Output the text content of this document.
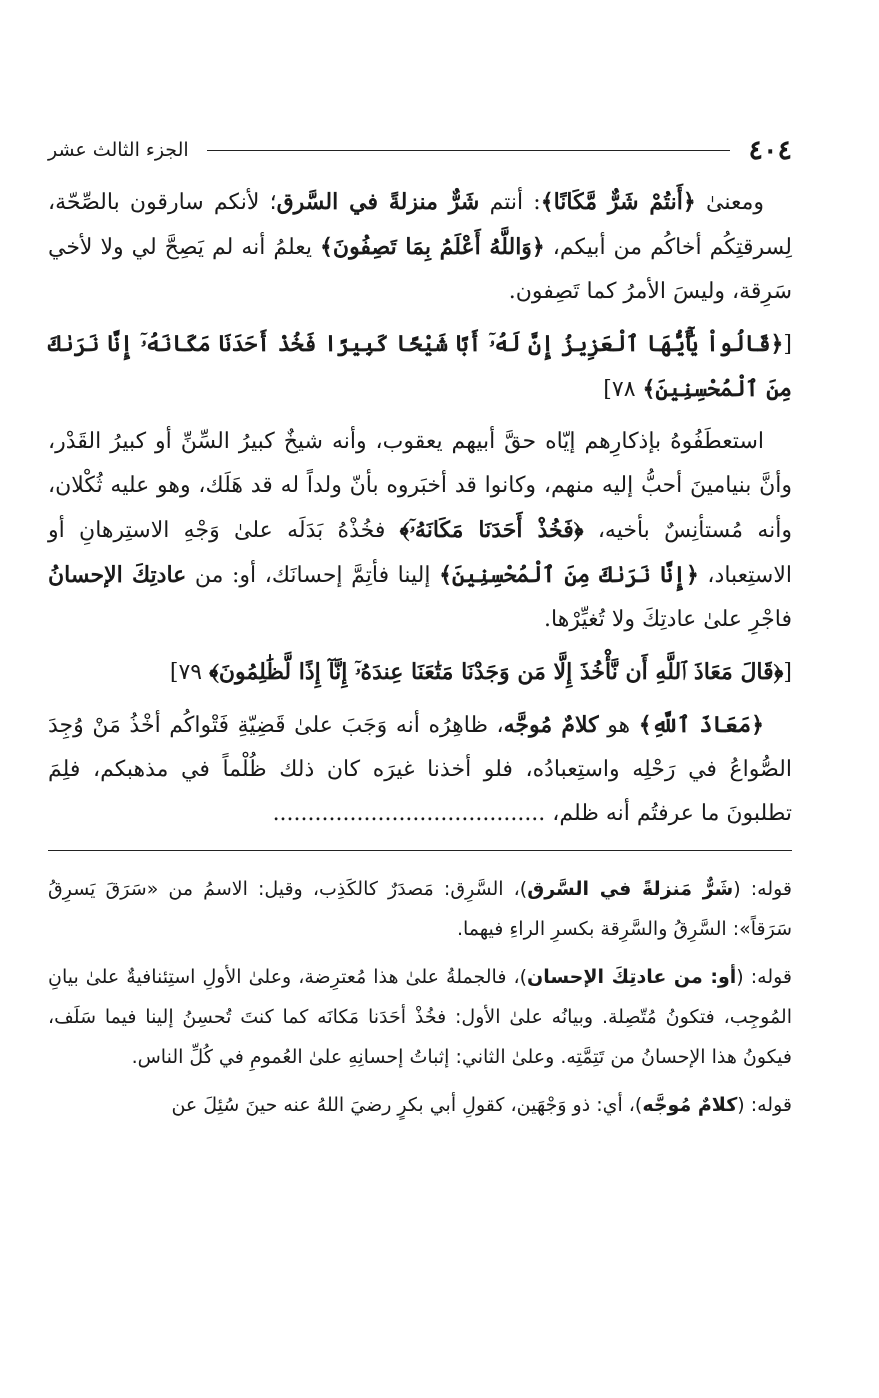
٤٠٤
الجزء الثالث عشر

ومعنىٰ ﴿أَنتُمْ شَرٌّ مَّكَانًا﴾: أنتم شَرٌّ منزلةً في السَّرق؛ لأنكم سارقون بالصِّحّة، لِسرقتِكُم أخاكُم من أبيكم، ﴿وَاللَّهُ أَعْلَمُ بِمَا تَصِفُونَ﴾ يعلمُ أنه لم يَصِحَّ لي ولا لأخي سَرِقة، وليسَ الأمرُ كما تَصِفون.

[﴿قَالُواْ يَٰٓأَيُّهَا ٱلْعَزِيزُ إِنَّ لَهُۥٓ أَبًا شَيْخًا كَبِيرًا فَخُذْ أَحَدَنَا مَكَانَهُۥٓ إِنَّا نَرَىٰكَ مِنَ ٱلْمُحْسِنِينَ﴾ ٧٨]

استعطَفُوهُ بإذكارِهم إيّاه حقَّ أبيهم يعقوب، وأنه شيخٌ كبيرُ السِّنِّ أو كبيرُ القَدْر، وأنَّ بنيامينَ أحبُّ إليه منهم، وكانوا قد أخبَروه بأنّ ولداً له قد هَلَك، وهو عليه ثُكْلان، وأنه مُستأنِسٌ بأخيه، ﴿فَخُذْ أَحَدَنَا مَكَانَهُۥٓ﴾ فخُذْهُ بَدَلَه علىٰ وَجْهِ الاستِرهانِ أو الاستِعباد، ﴿إِنَّا نَرَىٰكَ مِنَ ٱلْمُحْسِنِينَ﴾ إلينا فأتِمَّ إحسانَك، أو: من عادتِكَ الإحسانُ فاجْرِ علىٰ عادتِكَ ولا تُغيِّرْها.

[﴿قَالَ مَعَاذَ ٱللَّهِ أَن نَّأْخُذَ إِلَّا مَن وَجَدْنَا مَتَٰعَنَا عِندَهُۥٓ إِنَّآ إِذًا لَّظَٰلِمُونَ﴾ ٧٩]

﴿مَعَاذَ ٱللَّهِ﴾ هو كلامٌ مُوجَّه، ظاهِرُه أنه وَجَبَ علىٰ قَضِيّةِ فَتْواكُم أخْذُ مَنْ وُجِدَ الصُّواعُ في رَحْلِه واستِعبادُه، فلو أخذنا غيرَه كان ذلك ظُلْماً في مذهبكم، فلِمَ تطلبونَ ما عرفتُم أنه ظلم، .......................................

قوله: (شَرٌّ مَنزلةً في السَّرق)، السَّرِق: مَصدَرٌ كالكَذِب، وقيل: الاسمُ من «سَرَقَ يَسرِقُ سَرَقاً»: السَّرِقُ والسَّرِقة بكسرِ الراءِ فيهما.

قوله: (أو: من عادتِكَ الإحسان)، فالجملةُ علىٰ هذا مُعترِضة، وعلىٰ الأولِ استِئنافيةٌ علىٰ بيانِ المُوجِب، فتكونُ مُتّصِلة. وبيانُه علىٰ الأول: فخُذْ أحَدَنا مَكانَه كما كنتَ تُحسِنُ إلينا فيما سَلَف، فيكونُ هذا الإحسانُ من تَتِمَّتِه. وعلىٰ الثاني: إثباتُ إحسانِهِ علىٰ العُمومِ في كُلِّ الناس.

قوله: (كلامٌ مُوجَّه)، أي: ذو وَجْهَين، كقولِ أبي بكرٍ رضيَ اللهُ عنه حينَ سُئِلَ عن
